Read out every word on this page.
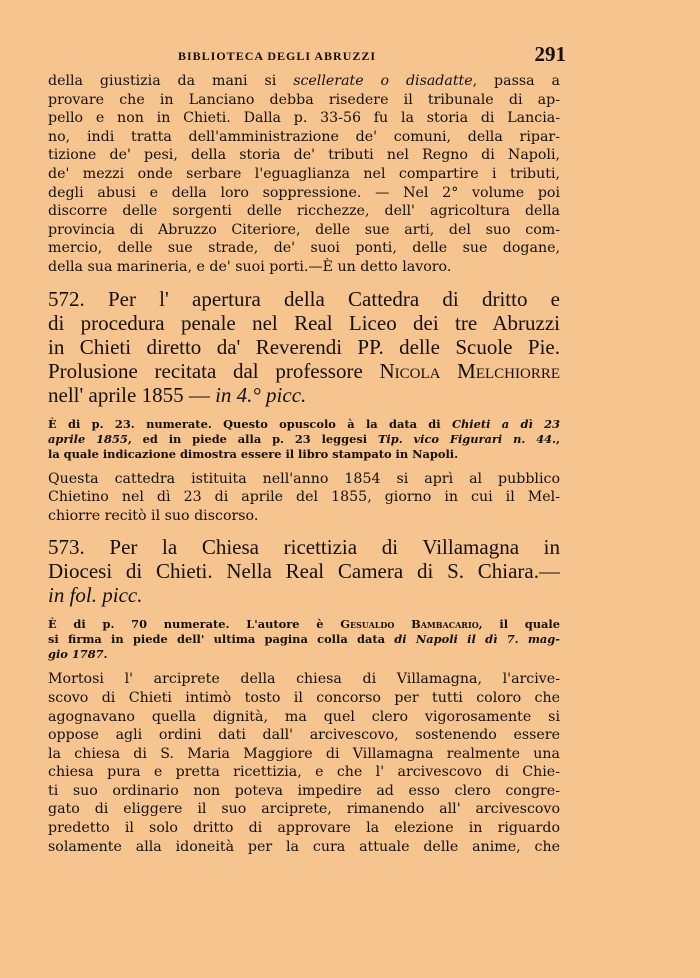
BIBLIOTECA DEGLI ABRUZZI	291
della giustizia da mani si scellerate o disadatte, passa a
provare che in Lanciano debba risedere il tribunale di ap-
pello e non in Chieti. Dalla p. 33-56 fu la storia di Lancia-
no, indi tratta dell'amministrazione de' comuni, della ripar-
tizione de' pesi, della storia de' tributi nel Regno di Napoli,
de' mezzi onde serbare l'eguaglianza nel compartire i tributi,
degli abusi e della loro soppressione. — Nel 2° volume poi
discorre delle sorgenti delle ricchezze, dell' agricoltura della
provincia di Abruzzo Citeriore, delle sue arti, del suo com-
mercio, delle sue strade, de' suoi ponti, delle sue dogane,
della sua marineria, e de' suoi porti.—È un detto lavoro.
572. Per l' apertura della Cattedra di dritto e
di procedura penale nel Real Liceo dei tre Abruzzi
in Chieti diretto da' Reverendi PP. delle Scuole Pie.
Prolusione recitata dal professore Nicola Melchiorre
nell' aprile 1855 — in 4.° picc.
È di p. 23. numerate. Questo opuscolo à la data di Chieti a dì 23
aprile 1855, ed in piede alla p. 23 leggesi Tip. vico Figurari n. 44.,
la quale indicazione dimostra essere il libro stampato in Napoli.
Questa cattedra istituita nell'anno 1854 si aprì al pubblico
Chietino nel dì 23 di aprile del 1855, giorno in cui il Mel-
chiorre recitò il suo discorso.
573. Per la Chiesa ricettizia di Villamagna in
Diocesi di Chieti. Nella Real Camera di S. Chiara.—
in fol. picc.
È di p. 70 numerate. L'autore è Gesualdo Bambacario, il quale
si firma in piede dell' ultima pagina colla data di Napoli il dì 7. mag-
gio 1787.
Mortosi l' arciprete della chiesa di Villamagna, l'arcive-
scovo di Chieti intimò tosto il concorso per tutti coloro che
agognavano quella dignità, ma quel clero vigorosamente si
oppose agli ordini dati dall' arcivescovo, sostenendo essere
la chiesa di S. Maria Maggiore di Villamagna realmente una
chiesa pura e pretta ricettizia, e che l' arcivescovo di Chie-
ti suo ordinario non poteva impedire ad esso clero congre-
gato di eliggere il suo arciprete, rimanendo all' arcivescovo
predetto il solo dritto di approvare la elezione in riguardo
solamente alla idoneità per la cura attuale delle anime, che
